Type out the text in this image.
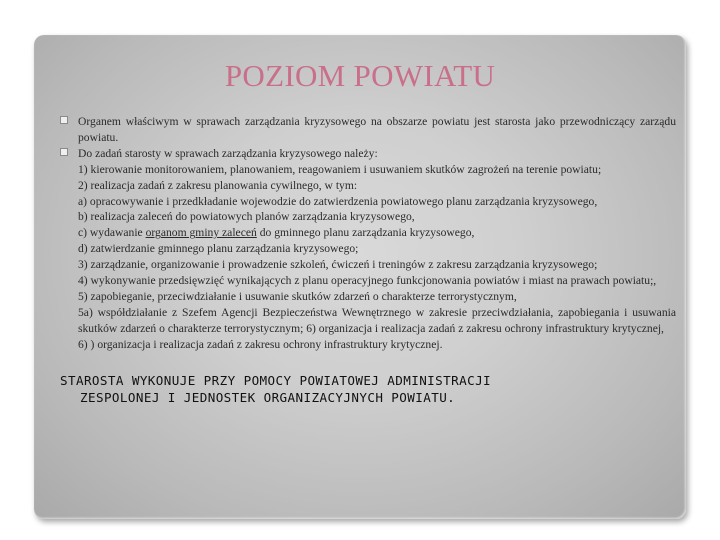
POZIOM POWIATU

Organem właściwym w sprawach zarządzania kryzysowego na obszarze powiatu jest starosta jako przewodniczący zarządu powiatu.

Do zadań starosty w sprawach zarządzania kryzysowego należy:

1) kierowanie monitorowaniem, planowaniem, reagowaniem i usuwaniem skutków zagrożeń na terenie powiatu;

2) realizacja zadań z zakresu planowania cywilnego, w tym:

a) opracowywanie i przedkładanie wojewodzie do zatwierdzenia powiatowego planu zarządzania kryzysowego,

b) realizacja zaleceń do powiatowych planów zarządzania kryzysowego,

c) wydawanie organom gminy zaleceń do gminnego planu zarządzania kryzysowego,

d) zatwierdzanie gminnego planu zarządzania kryzysowego;

3) zarządzanie, organizowanie i prowadzenie szkoleń, ćwiczeń i treningów z zakresu zarządzania kryzysowego;

4) wykonywanie przedsięwzięć wynikających z planu operacyjnego funkcjonowania powiatów i miast na prawach powiatu;,

5) zapobieganie, przeciwdziałanie i usuwanie skutków zdarzeń o charakterze terrorystycznym,

5a) współdziałanie z Szefem Agencji Bezpieczeństwa Wewnętrznego w zakresie przeciwdziałania, zapobiegania i usuwania skutków zdarzeń o charakterze terrorystycznym; 6) organizacja i realizacja zadań z zakresu ochrony infrastruktury krytycznej,

6) ) organizacja i realizacja zadań z zakresu ochrony infrastruktury krytycznej.

STAROSTA WYKONUJE PRZY POMOCY POWIATOWEJ ADMINISTRACJI
ZESPOLONEJ I JEDNOSTEK ORGANIZACYJNYCH POWIATU.
